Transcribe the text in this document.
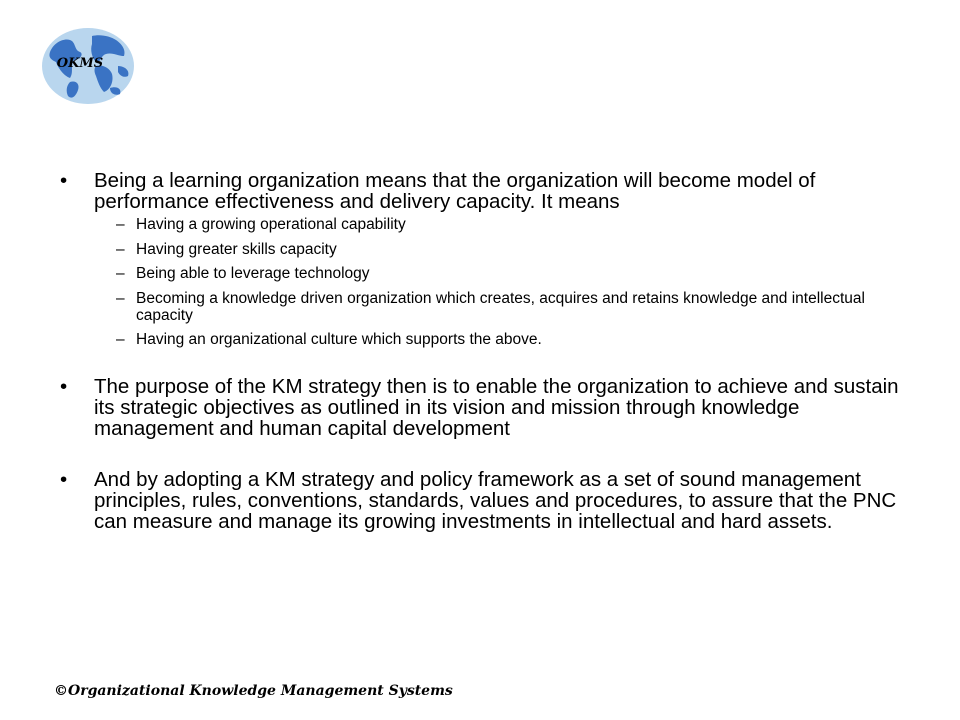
OKMS
•	Being a learning organization means that the organization will become model of performance effectiveness and delivery capacity. It means
– Having a growing operational capability
– Having greater skills capacity
– Being able to leverage technology
– Becoming a knowledge driven organization which creates, acquires and retains knowledge and intellectual capacity
– Having an organizational culture which supports the above.
•	The purpose of the KM strategy then is to enable the organization to achieve and sustain its strategic objectives as outlined in its vision and mission through knowledge management and human capital development
•	And by adopting a KM strategy and policy framework as a set of sound management principles, rules, conventions, standards, values and procedures, to assure that the PNC can measure and manage its growing investments in intellectual and hard assets.
©Organizational Knowledge Management Systems
